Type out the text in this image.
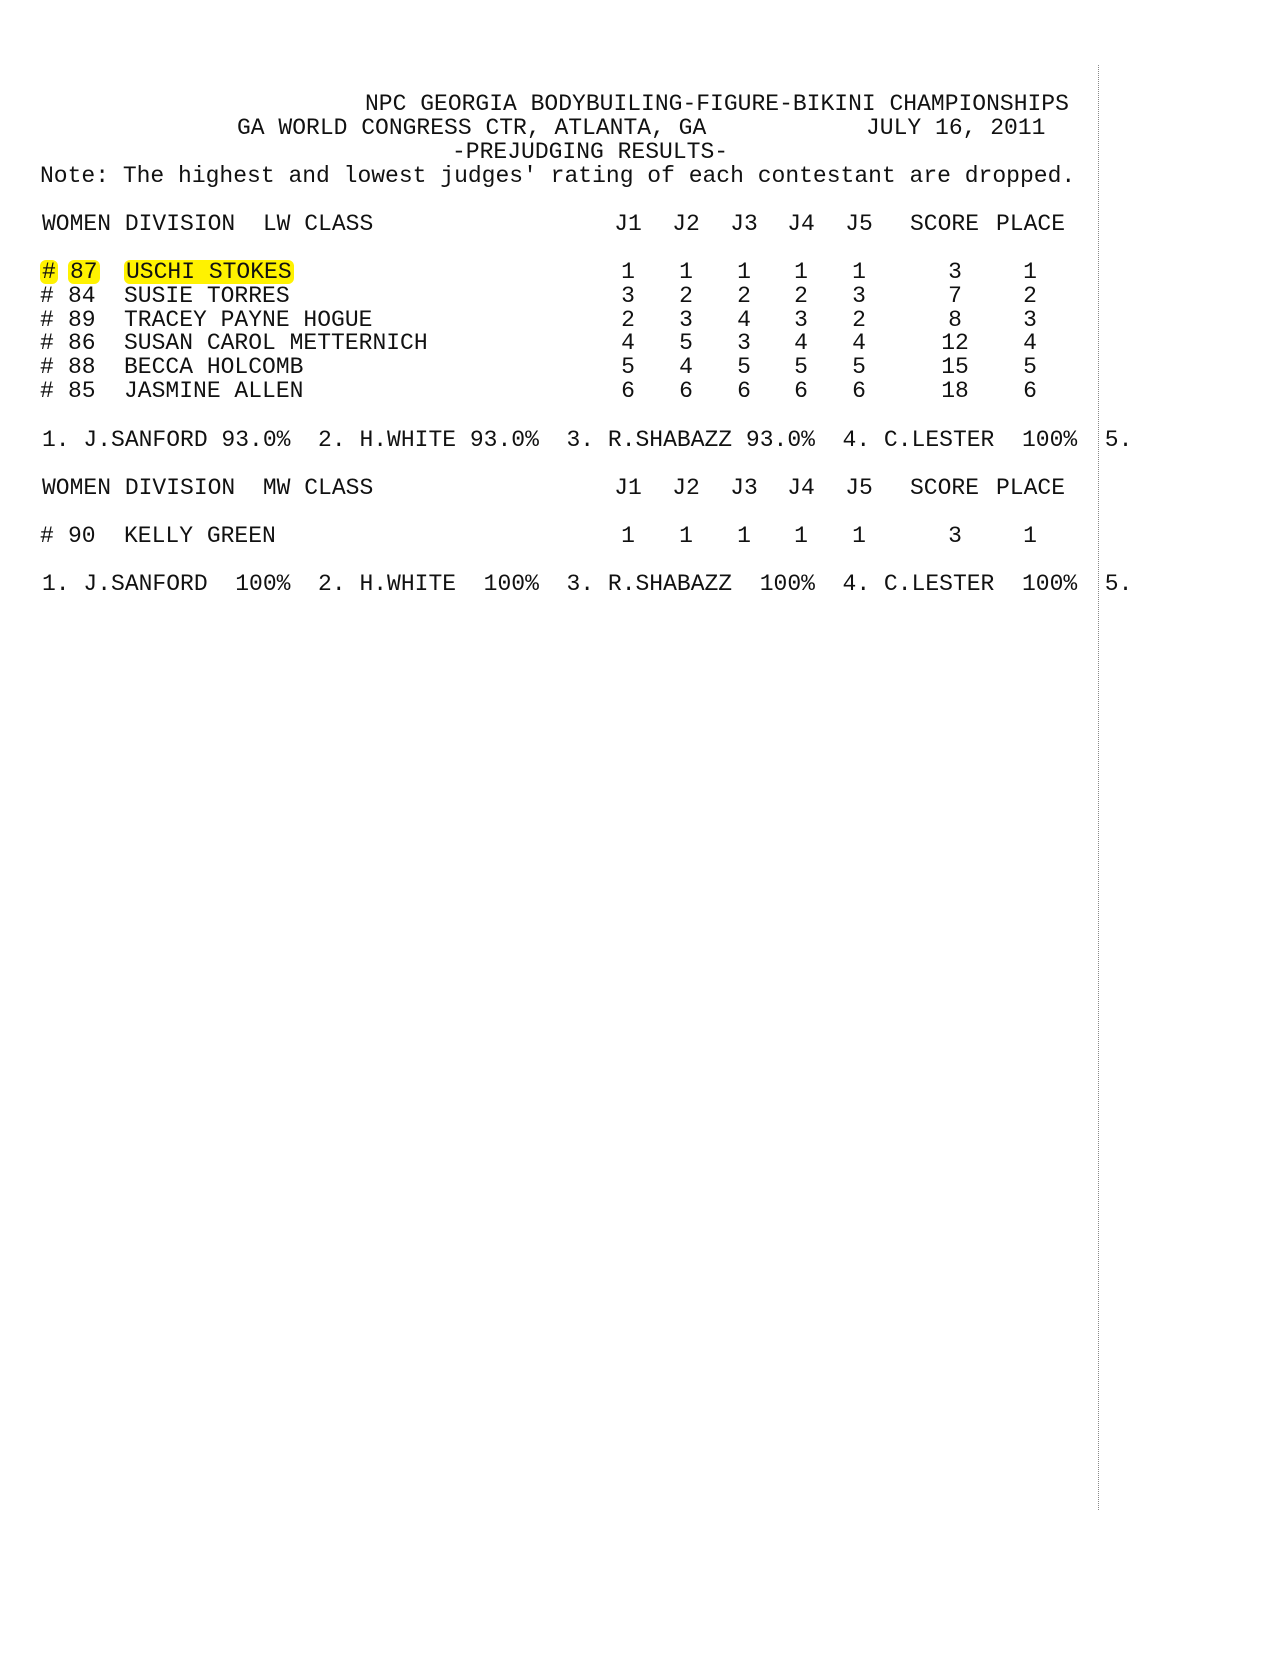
NPC GEORGIA BODYBUILING-FIGURE-BIKINI CHAMPIONSHIPS
GA WORLD CONGRESS CTR, ATLANTA, GA	JULY 16, 2011
-PREJUDGING RESULTS-
Note: The highest and lowest judges' rating of each contestant are dropped.
WOMEN DIVISION  LW CLASS	J1 J2 J3 J4 J5 SCORE PLACE
# 87 USCHI STOKES	1	1	1	1	1	3	1
# 84 SUSIE TORRES	3	2	2	2	3	7	2
# 89 TRACEY PAYNE HOGUE	2	3	4	3	2	8	3
# 86 SUSAN CAROL METTERNICH	4	5	3	4	4	12	4
# 88 BECCA HOLCOMB	5	4	5	5	5	15	5
# 85 JASMINE ALLEN	6	6	6	6	6	18	6
1. J.SANFORD 93.0%  2. H.WHITE 93.0%  3. R.SHABAZZ 93.0%  4. C.LESTER  100%  5.
WOMEN DIVISION  MW CLASS	J1 J2 J3 J4 J5 SCORE PLACE
# 90 KELLY GREEN	1	1	1	1	1	3	1
1. J.SANFORD  100%  2. H.WHITE  100%  3. R.SHABAZZ  100%  4. C.LESTER  100%  5.
